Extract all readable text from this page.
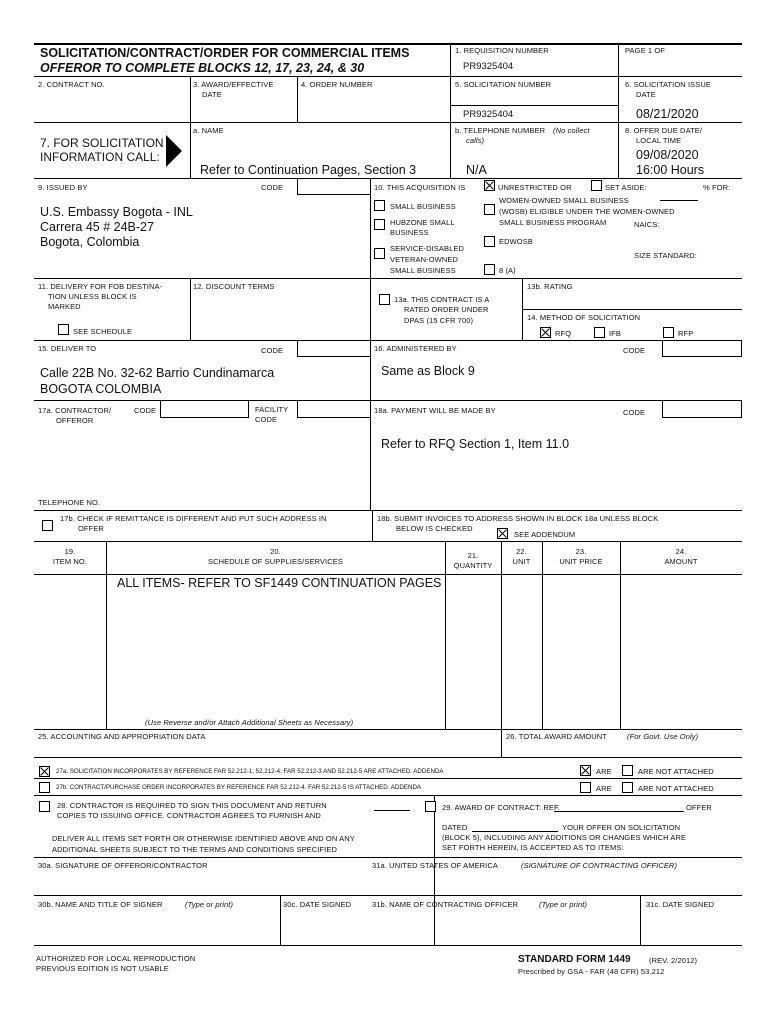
SOLICITATION/CONTRACT/ORDER FOR COMMERCIAL ITEMS
OFFEROR TO COMPLETE BLOCKS 12, 17, 23, 24, & 30
1. REQUISITION NUMBER
PR9325404
PAGE 1 OF
2. CONTRACT NO.	3. AWARD/EFFECTIVE
DATE
4. ORDER NUMBER	5. SOLICITATION NUMBER
PR9325404
6. SOLICITATION ISSUE
DATE
08/21/2020
7. FOR SOLICITATION
INFORMATION CALL:
a. NAME
Refer to Continuation Pages, Section 3
b. TELEPHONE NUMBER (No collect
calls)
N/A
8. OFFER DUE DATE/
LOCAL TIME
09/08/2020
16:00 Hours
9. ISSUED BY	CODE
U.S. Embassy Bogota - INL
Carrera 45 # 24B-27
Bogota, Colombia
10. THIS ACQUISITION IS	UNRESTRICTED OR	SET ASIDE:	% FOR:
SMALL BUSINESS
WOMEN-OWNED SMALL BUSINESS
(WOSB) ELIGIBLE UNDER THE WOMEN-OWNED
SMALL BUSINESS PROGRAM	NAICS:
HUBZONE SMALL
BUSINESS
EDWOSB
SERVICE-DISABLED
VETERAN-OWNED
SMALL BUSINESS	8 (A)
SIZE STANDARD:
11. DELIVERY FOR FOB DESTINA-
TION UNLESS BLOCK IS
MARKED
SEE SCHEDULE
12. DISCOUNT TERMS
13a. THIS CONTRACT IS A
RATED ORDER UNDER
DPAS (15 CFR 700)
13b. RATING
14. METHOD OF SOLICITATION
RFQ	IFB	RFP
15. DELIVER TO	CODE
Calle 22B No. 32-62 Barrio Cundinamarca
BOGOTA COLOMBIA
16. ADMINISTERED BY	CODE
Same as Block 9
17a. CONTRACTOR/
OFFEROR
CODE	FACILITY
CODE
18a. PAYMENT WILL BE MADE BY	CODE
Refer to RFQ Section 1, Item 11.0
TELEPHONE NO.
17b. CHECK IF REMITTANCE IS DIFFERENT AND PUT SUCH ADDRESS IN
OFFER
18b. SUBMIT INVOICES TO ADDRESS SHOWN IN BLOCK 18a UNLESS BLOCK
BELOW IS CHECKED
SEE ADDENDUM
19.
ITEM NO.
20.
SCHEDULE OF SUPPLIES/SERVICES
21.
QUANTITY
22.
UNIT
23.
UNIT PRICE
24.
AMOUNT
ALL ITEMS- REFER TO SF1449 CONTINUATION PAGES
(Use Reverse and/or Attach Additional Sheets as Necessary)
25. ACCOUNTING AND APPROPRIATION DATA	26. TOTAL AWARD AMOUNT	(For Govt. Use Only)
27a. SOLICITATION INCORPORATES BY REFERENCE FAR 52.212-1, 52.212-4. FAR 52.212-3 AND 52.212-5 ARE ATTACHED. ADDENDA	ARE	ARE NOT ATTACHED
27b. CONTRACT/PURCHASE ORDER INCORPORATES BY REFERENCE FAR 52.212-4. FAR 52.212-5 IS ATTACHED. ADDENDA	ARE	ARE NOT ATTACHED
28. CONTRACTOR IS REQUIRED TO SIGN THIS DOCUMENT AND RETURN
COPIES TO ISSUING OFFICE. CONTRACTOR AGREES TO FURNISH AND
DELIVER ALL ITEMS SET FORTH OR OTHERWISE IDENTIFIED ABOVE AND ON ANY
ADDITIONAL SHEETS SUBJECT TO THE TERMS AND CONDITIONS SPECIFIED
29. AWARD OF CONTRACT: REF.	OFFER
DATED	YOUR OFFER ON SOLICITATION
(BLOCK 5), INCLUDING ANY ADDITIONS OR CHANGES WHICH ARE
SET FORTH HEREIN, IS ACCEPTED AS TO ITEMS:
30a. SIGNATURE OF OFFEROR/CONTRACTOR	31a. UNITED STATES OF AMERICA	(SIGNATURE OF CONTRACTING OFFICER)
30b. NAME AND TITLE OF SIGNER	(Type or print)	30c. DATE SIGNED	31b. NAME OF CONTRACTING OFFICER	(Type or print)	31c. DATE SIGNED
AUTHORIZED FOR LOCAL REPRODUCTION
PREVIOUS EDITION IS NOT USABLE
STANDARD FORM 1449 (REV. 2/2012)
Prescribed by GSA - FAR (48 CFR) 53.212
